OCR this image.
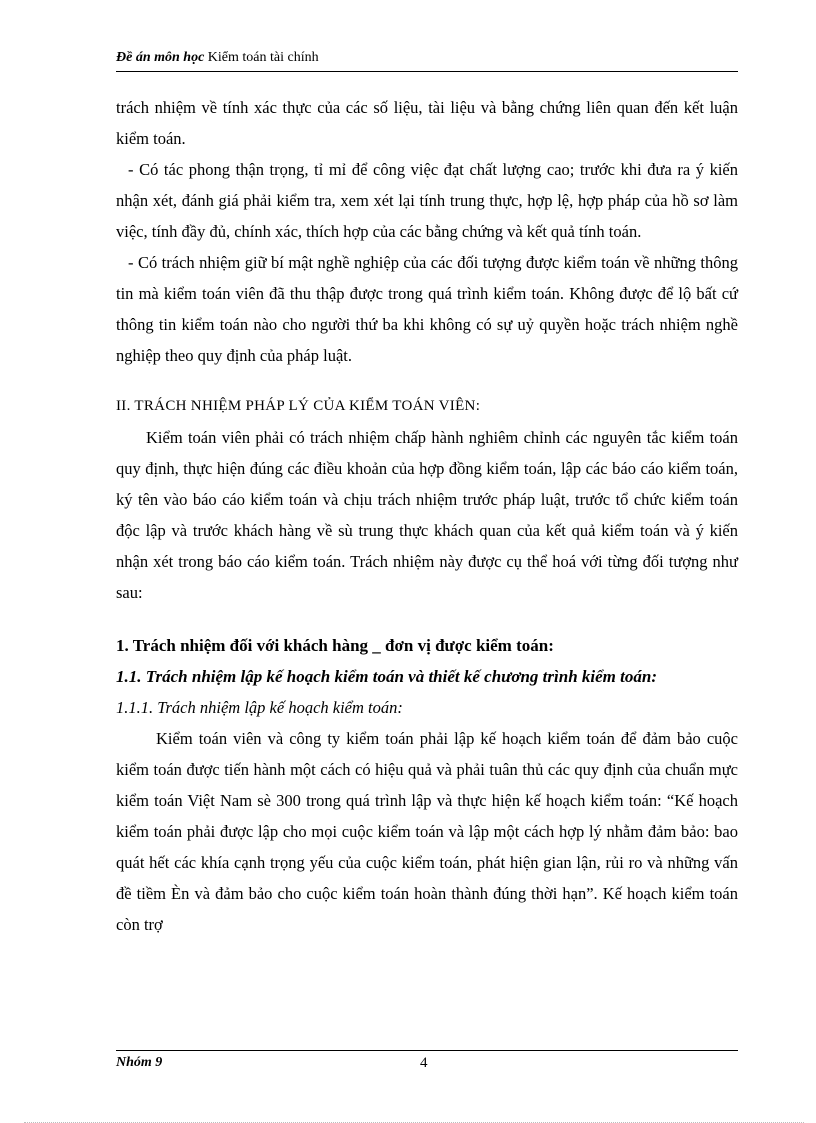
Đề án môn học Kiểm toán tài chính

trách nhiệm về tính xác thực của các số liệu, tài liệu và bằng chứng liên quan đến kết luận kiểm toán.

- Có tác phong thận trọng, tỉ mỉ để công việc đạt chất lượng cao; trước khi đưa ra ý kiến nhận xét, đánh giá phải kiểm tra, xem xét lại tính trung thực, hợp lệ, hợp pháp của hồ sơ làm việc, tính đầy đủ, chính xác, thích hợp của các bằng chứng và kết quả tính toán.

- Có trách nhiệm giữ bí mật nghề nghiệp của các đối tượng được kiểm toán về những thông tin mà kiểm toán viên đã thu thập được trong quá trình kiểm toán. Không được để lộ bất cứ thông tin kiểm toán nào cho người thứ ba khi không có sự uỷ quyền hoặc trách nhiệm nghề nghiệp theo quy định của pháp luật.

II. TRÁCH NHIỆM PHÁP LÝ CỦA KIỂM TOÁN VIÊN:

Kiểm toán viên phải có trách nhiệm chấp hành nghiêm chỉnh các nguyên tắc kiểm toán quy định, thực hiện đúng các điều khoản của hợp đồng kiểm toán, lập các báo cáo kiểm toán, ký tên vào báo cáo kiểm toán và chịu trách nhiệm trước pháp luật, trước tổ chức kiểm toán độc lập và trước khách hàng về sù trung thực khách quan của kết quả kiểm toán và ý kiến nhận xét trong báo cáo kiểm toán. Trách nhiệm này được cụ thể hoá với từng đối tượng như sau:

1. Trách nhiệm đối với khách hàng _ đơn vị được kiểm toán:

1.1. Trách nhiệm lập kế hoạch kiểm toán và thiết kế chương trình kiểm toán:

1.1.1. Trách nhiệm lập kế hoạch kiểm toán:

Kiểm toán viên và công ty kiểm toán phải lập kế hoạch kiểm toán để đảm bảo cuộc kiểm toán được tiến hành một cách có hiệu quả và phải tuân thủ các quy định của chuẩn mực kiểm toán Việt Nam sè 300 trong quá trình lập và thực hiện kế hoạch kiểm toán: “Kế hoạch kiểm toán phải được lập cho mọi cuộc kiểm toán và lập một cách hợp lý nhằm đảm bảo: bao quát hết các khía cạnh trọng yếu của cuộc kiểm toán, phát hiện gian lận, rủi ro và những vấn đề tiềm Èn và đảm bảo cho cuộc kiểm toán hoàn thành đúng thời hạn”. Kế hoạch kiểm toán còn trợ

Nhóm 9	4
